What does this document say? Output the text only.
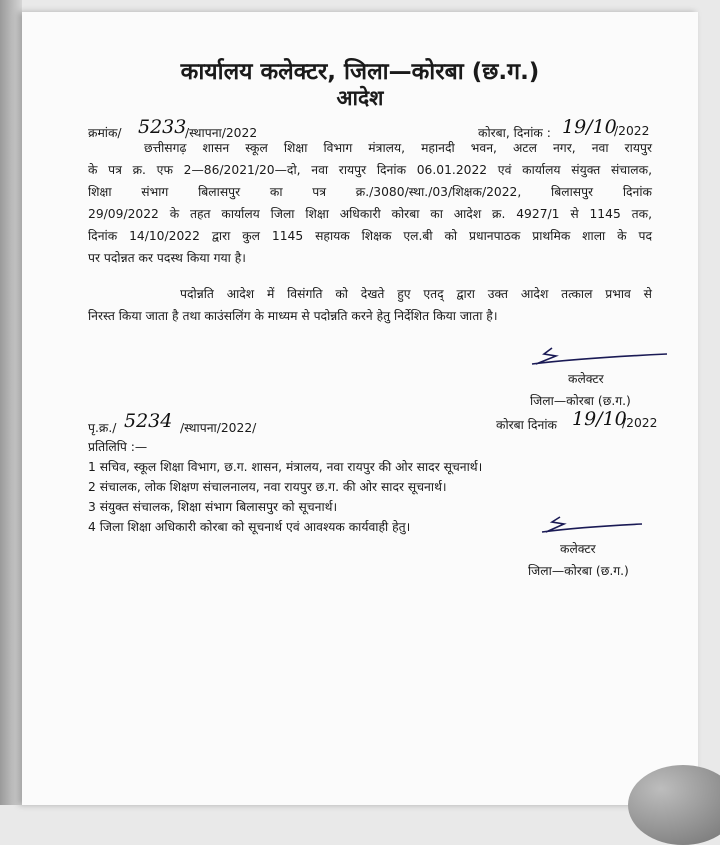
कार्यालय कलेक्टर, जिला—कोरबा (छ.ग.)
आदेश
क्रमांक/ 5233
/स्थापना/2022	कोरबा, दिनांक : 19/10
/2022
छत्तीसगढ़ शासन स्कूल शिक्षा विभाग मंत्रालय, महानदी भवन, अटल नगर, नवा रायपुर
के पत्र क्र. एफ 2—86/2021/20—दो, नवा रायपुर दिनांक 06.01.2022 एवं कार्यालय संयुक्त संचालक,
शिक्षा संभाग बिलासपुर का पत्र क्र./3080/स्था./03/शिक्षक/2022, बिलासपुर दिनांक
29/09/2022 के तहत कार्यालय जिला शिक्षा अधिकारी कोरबा का आदेश क्र. 4927/1 से 1145 तक,
दिनांक 14/10/2022 द्वारा कुल 1145 सहायक शिक्षक एल.बी को प्रधानपाठक प्राथमिक शाला के पद
पर पदोन्नत कर पदस्थ किया गया है।
पदोन्नति आदेश में विसंगति को देखते हुए एतद् द्वारा उक्त आदेश तत्काल प्रभाव से
निरस्त किया जाता है तथा काउंसलिंग के माध्यम से पदोन्नति करने हेतु निर्देशित किया जाता है।
कलेक्टर
जिला—कोरबा (छ.ग.)
पृ.क्र./ 5234 /स्थापना/2022/	कोरबा दिनांक 19/10
/2022
प्रतिलिपि :—
1 सचिव, स्कूल शिक्षा विभाग, छ.ग. शासन, मंत्रालय, नवा रायपुर की ओर सादर सूचनार्थ।
2 संचालक, लोक शिक्षण संचालनालय, नवा रायपुर छ.ग. की ओर सादर सूचनार्थ।
3 संयुक्त संचालक, शिक्षा संभाग बिलासपुर को सूचनार्थ।
4 जिला शिक्षा अधिकारी कोरबा को सूचनार्थ एवं आवश्यक कार्यवाही हेतु।
कलेक्टर
जिला—कोरबा (छ.ग.)
